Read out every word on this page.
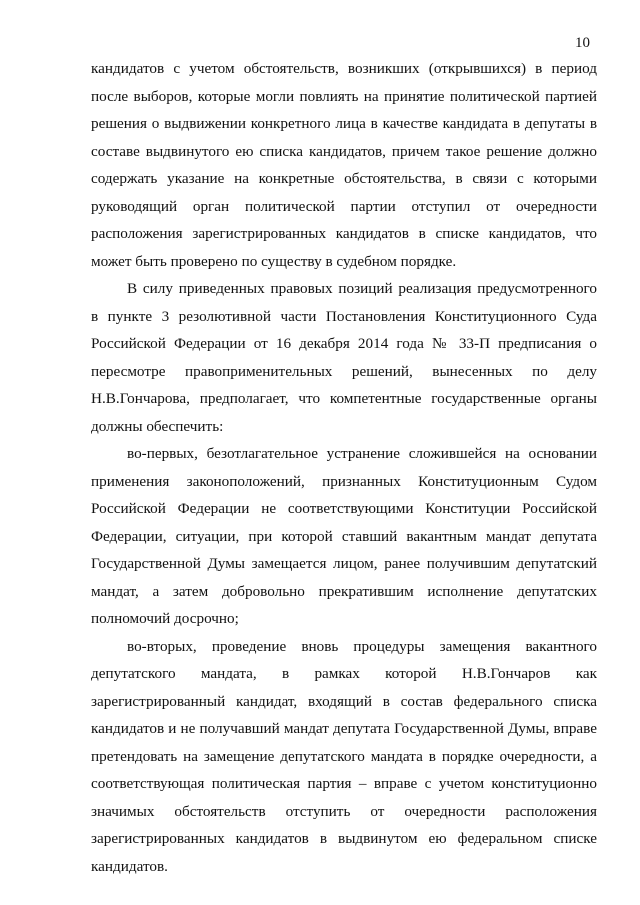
10
кандидатов с учетом обстоятельств, возникших (открывшихся) в период
после выборов, которые могли повлиять на принятие политической партией
решения о выдвижении конкретного лица в качестве кандидата в депутаты в
составе выдвинутого ею списка кандидатов, причем такое решение должно
содержать указание на конкретные обстоятельства, в связи с которыми
руководящий орган политической партии отступил от очередности
расположения зарегистрированных кандидатов в списке кандидатов, что
может быть проверено по существу в судебном порядке.
В силу приведенных правовых позиций реализация предусмотренного
в пункте 3 резолютивной части Постановления Конституционного Суда
Российской Федерации от 16 декабря 2014 года № 33-П предписания о
пересмотре правоприменительных решений, вынесенных по делу
Н.В.Гончарова, предполагает, что компетентные государственные органы
должны обеспечить:
во-первых, безотлагательное устранение сложившейся на основании
применения законоположений, признанных Конституционным Судом
Российской Федерации не соответствующими Конституции Российской
Федерации, ситуации, при которой ставший вакантным мандат депутата
Государственной Думы замещается лицом, ранее получившим депутатский
мандат, а затем добровольно прекратившим исполнение депутатских
полномочий досрочно;
во-вторых, проведение вновь процедуры замещения вакантного
депутатского мандата, в рамках которой Н.В.Гончаров как
зарегистрированный кандидат, входящий в состав федерального списка
кандидатов и не получавший мандат депутата Государственной Думы, вправе
претендовать на замещение депутатского мандата в порядке очередности, а
соответствующая политическая партия – вправе с учетом конституционно
значимых обстоятельств отступить от очередности расположения
зарегистрированных кандидатов в выдвинутом ею федеральном списке
кандидатов.
